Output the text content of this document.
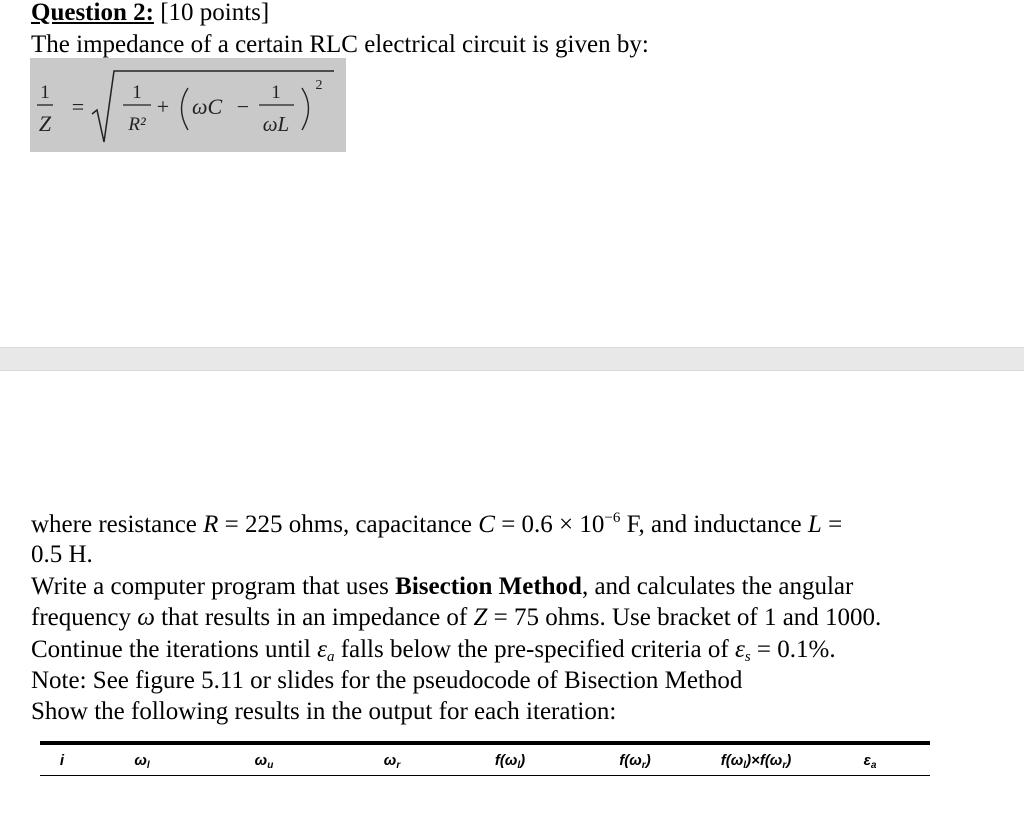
Question 2: [10 points]
The impedance of a certain RLC electrical circuit is given by:
1
Z
=
1
R²
+ ωC −
1
ωL
2
where resistance R = 225 ohms, capacitance $C = 0.6 \times 10^{-6}$ F, and inductance L =
0.5 H.
Write a computer program that uses Bisection Method, and calculates the angular
frequency ω that results in an impedance of Z = 75 ohms. Use bracket of 1 and 1000.
Continue the iterations until $\varepsilon_a$ falls below the pre-specified criteria of $\varepsilon_s = 0.1\%$.
Note: See figure 5.11 or slides for the pseudocode of Bisection Method
Show the following results in the output for each iteration:
i	$\omega_l$	$\omega_u$	$\omega_r$	$f(\omega_l)$	$f(\omega_r)$	$f(\omega_l)\times f(\omega_r)$	$\varepsilon_a$
